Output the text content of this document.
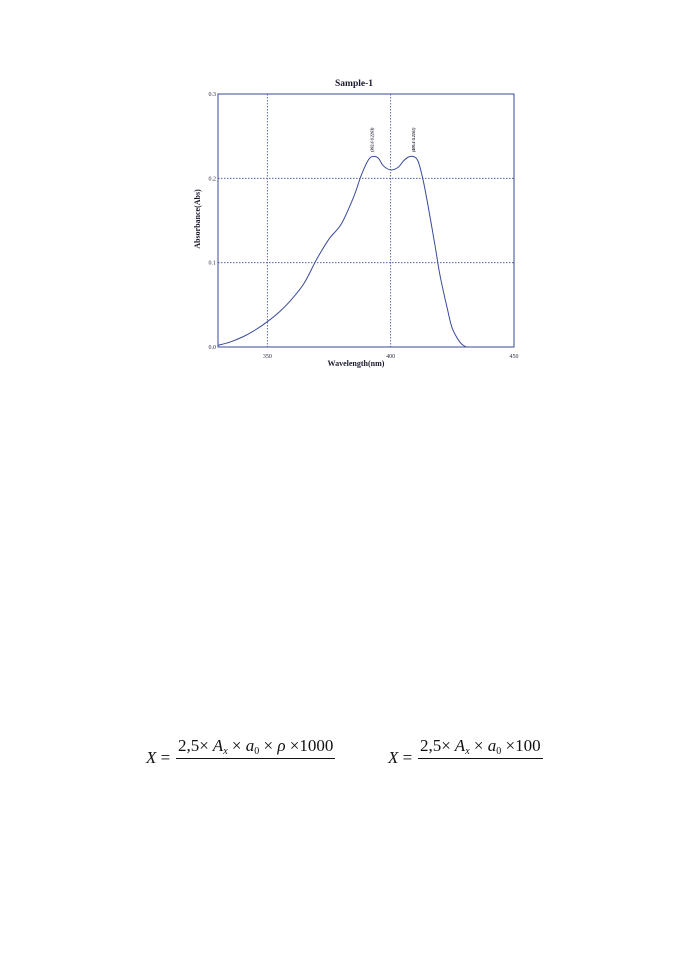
Sample-1
350	400	450
0.0
0.1
0.2
0.3
(392.6 0.2263)	(409.4 0.2261)
Wavelength(nm)
Absorbance(Abs)
X =
$2,5\times A_x \times a_0 \times \rho \times 1000$
X =
$2,5\times A_x \times a_0 \times 100$
